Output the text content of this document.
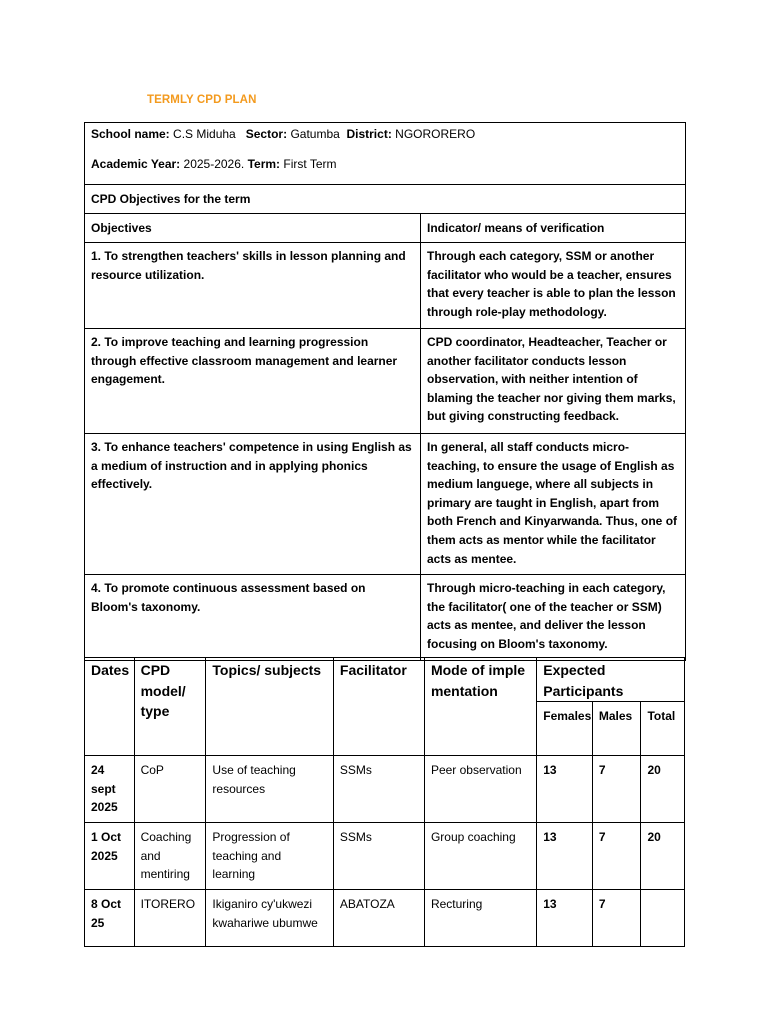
TERMLY CPD PLAN

School name: C.S Miduha Sector: Gatumba District: NGORORERO

Academic Year: 2025-2026. Term: First Term	

CPD Objectives for the term	
Objectives	Indicator/ means of verification
1. To strengthen teachers' skills in lesson planning and resource utilization.	Through each category, SSM or another facilitator who would be a teacher, ensures that every teacher is able to plan the lesson through role-play methodology.
2. To improve teaching and learning progression through effective classroom management and learner engagement.	CPD coordinator, Headteacher, Teacher or another facilitator conducts lesson observation, with neither intention of blaming the teacher nor giving them marks, but giving constructing feedback.
3. To enhance teachers' competence in using English as a medium of instruction and in applying phonics effectively.	In general, all staff conducts micro-teaching, to ensure the usage of English as medium languege, where all subjects in primary are taught in English, apart from both French and Kinyarwanda. Thus, one of them acts as mentor while the facilitator acts as mentee.
4. To promote continuous assessment based on Bloom's taxonomy.	Through micro-teaching in each category, the facilitator( one of the teacher or SSM) acts as mentee, and deliver the lesson focusing on Bloom's taxonomy.
Dates	CPD model/ type	Topics/ subjects	Facilitator	Mode of implementation	Expected Participants		
					Females	Males	Total
24 sept 2025	CoP	Use of teaching resources	SSMs	Peer observation	13	7	20
1 Oct 2025	Coaching and mentiring	Progression of teaching and learning	SSMs	Group coaching	13	7	20
8 Oct 25	ITORERO	Ikiganiro cy'ukwezi kwahariwe ubumwe	ABATOZA	Recturing	13	7	
